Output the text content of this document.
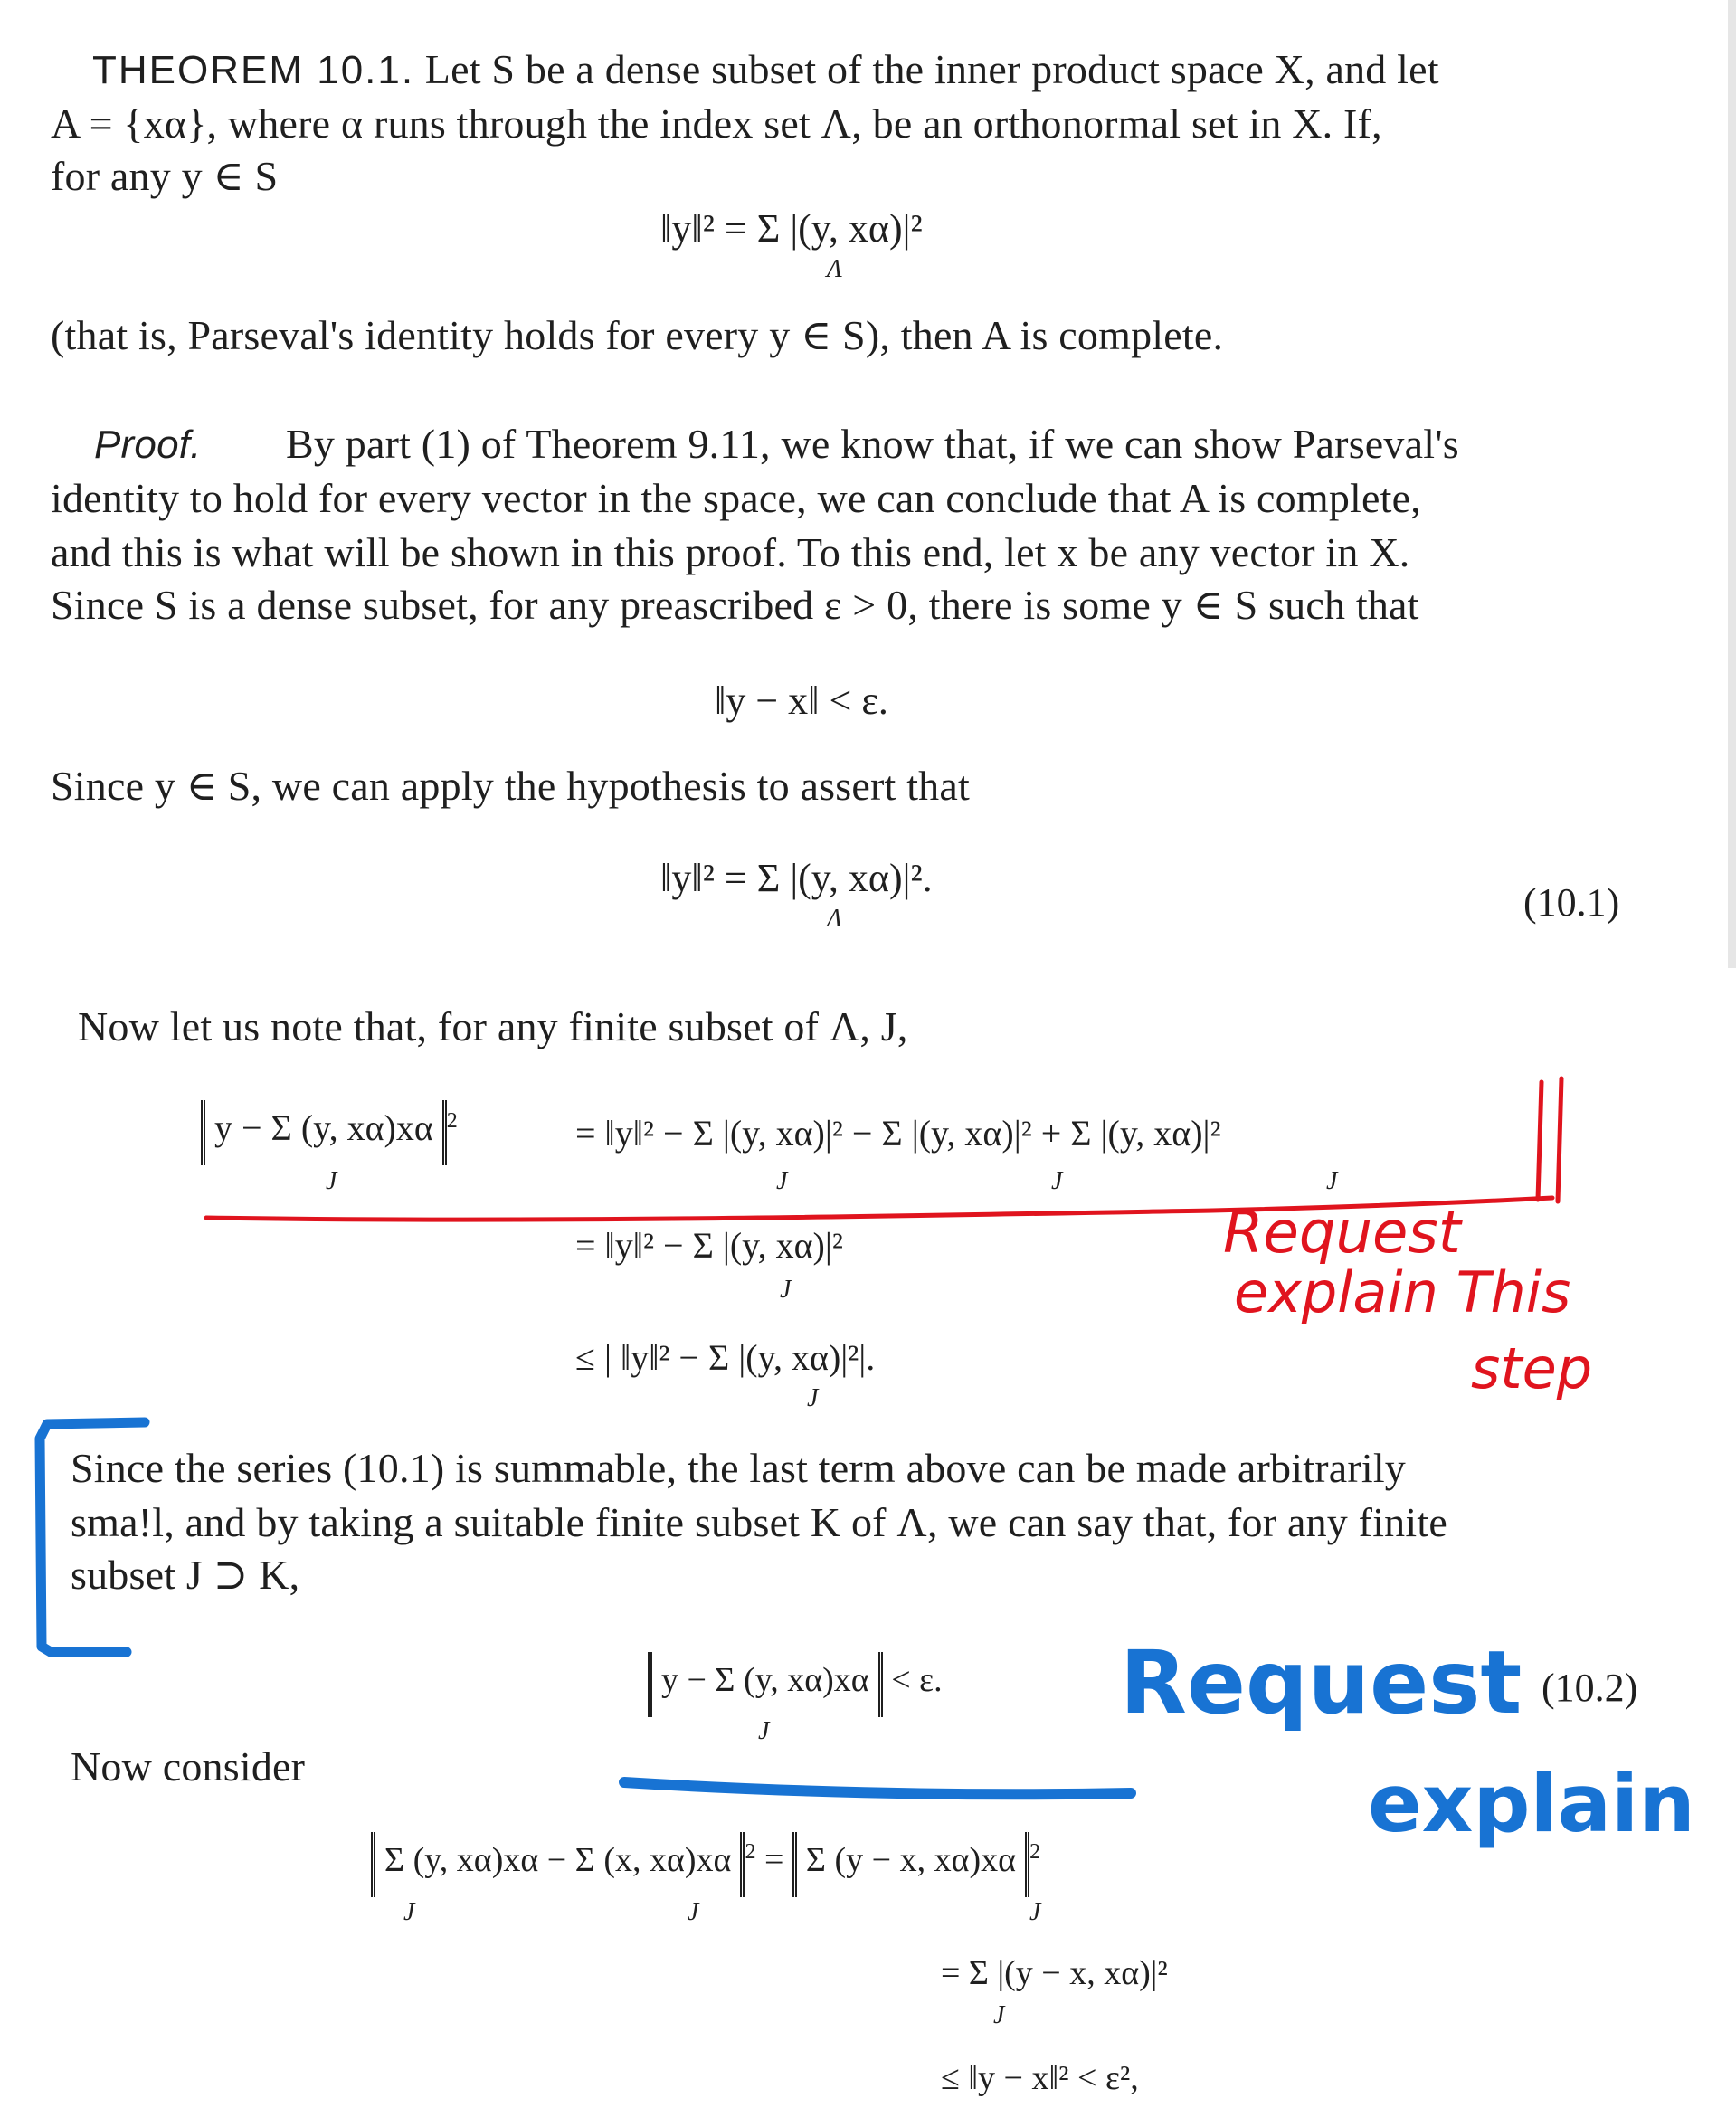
THEOREM 10.1. Let S be a dense subset of the inner product space X, and let
A = {xα}, where α runs through the index set Λ, be an orthonormal set in X. If,
for any y ∈ S
‖y‖² = Σ |(y, xα)|²
Λ
(that is, Parseval's identity holds for every y ∈ S), then A is complete.
Proof. By part (1) of Theorem 9.11, we know that, if we can show Parseval's
identity to hold for every vector in the space, we can conclude that A is complete,
and this is what will be shown in this proof. To this end, let x be any vector in X.
Since S is a dense subset, for any preascribed ε > 0, there is some y ∈ S such that
‖y − x‖ < ε.
Since y ∈ S, we can apply the hypothesis to assert that
‖y‖² = Σ |(y, xα)|².
Λ	(10.1)
Now let us note that, for any finite subset of Λ, J,
y − Σ (y, xα)xα $^2$	= ‖y‖² − Σ |(y, xα)|² − Σ |(y, xα)|² + Σ |(y, xα)|²
J	J	J	J
= ‖y‖² − Σ |(y, xα)|²
J
≤ | ‖y‖² − Σ |(y, xα)|²|.
J
Since the series (10.1) is summable, the last term above can be made arbitrarily
sma!l, and by taking a suitable finite subset K of Λ, we can say that, for any finite
subset J ⊃ K,
y − Σ (y, xα)xα < ε.
J
(10.2)
Now consider
Σ (y, xα)xα − Σ (x, xα)xα $^2$ = Σ (y − x, xα)xα $^2$
J	J	J
= Σ |(y − x, xα)|²
J
≤ ‖y − x‖² < ε²,
Request
explain This
step
Request
explain
